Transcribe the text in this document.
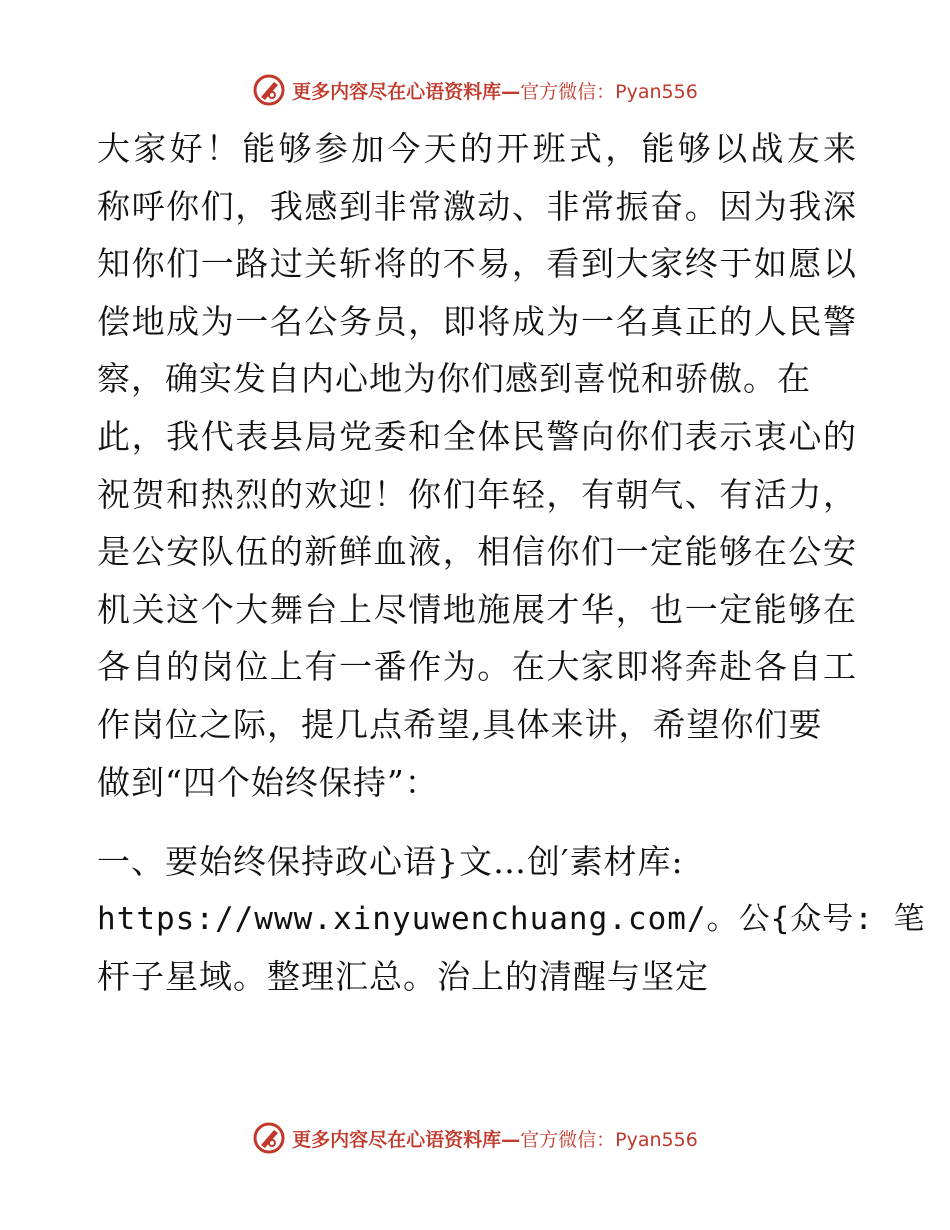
更多内容尽在心语资料库—官方微信：Pyan556
大家好！能够参加今天的开班式，能够以战友来
称呼你们，我感到非常激动、非常振奋。因为我深
知你们一路过关斩将的不易，看到大家终于如愿以
偿地成为一名公务员，即将成为一名真正的人民警
察，确实发自内心地为你们感到喜悦和骄傲。在
此，我代表县局党委和全体民警向你们表示衷心的
祝贺和热烈的欢迎！你们年轻，有朝气、有活力，
是公安队伍的新鲜血液，相信你们一定能够在公安
机关这个大舞台上尽情地施展才华，也一定能够在
各自的岗位上有一番作为。在大家即将奔赴各自工
作岗位之际，提几点希望,具体来讲，希望你们要
做到“四个始终保持”：
一、要始终保持政心语}文…创′素材库:
https://www.xinyuwenchuang.com/。公{众号: 笔
杆子星域。整理汇总。治上的清醒与坚定
更多内容尽在心语资料库—官方微信：Pyan556
